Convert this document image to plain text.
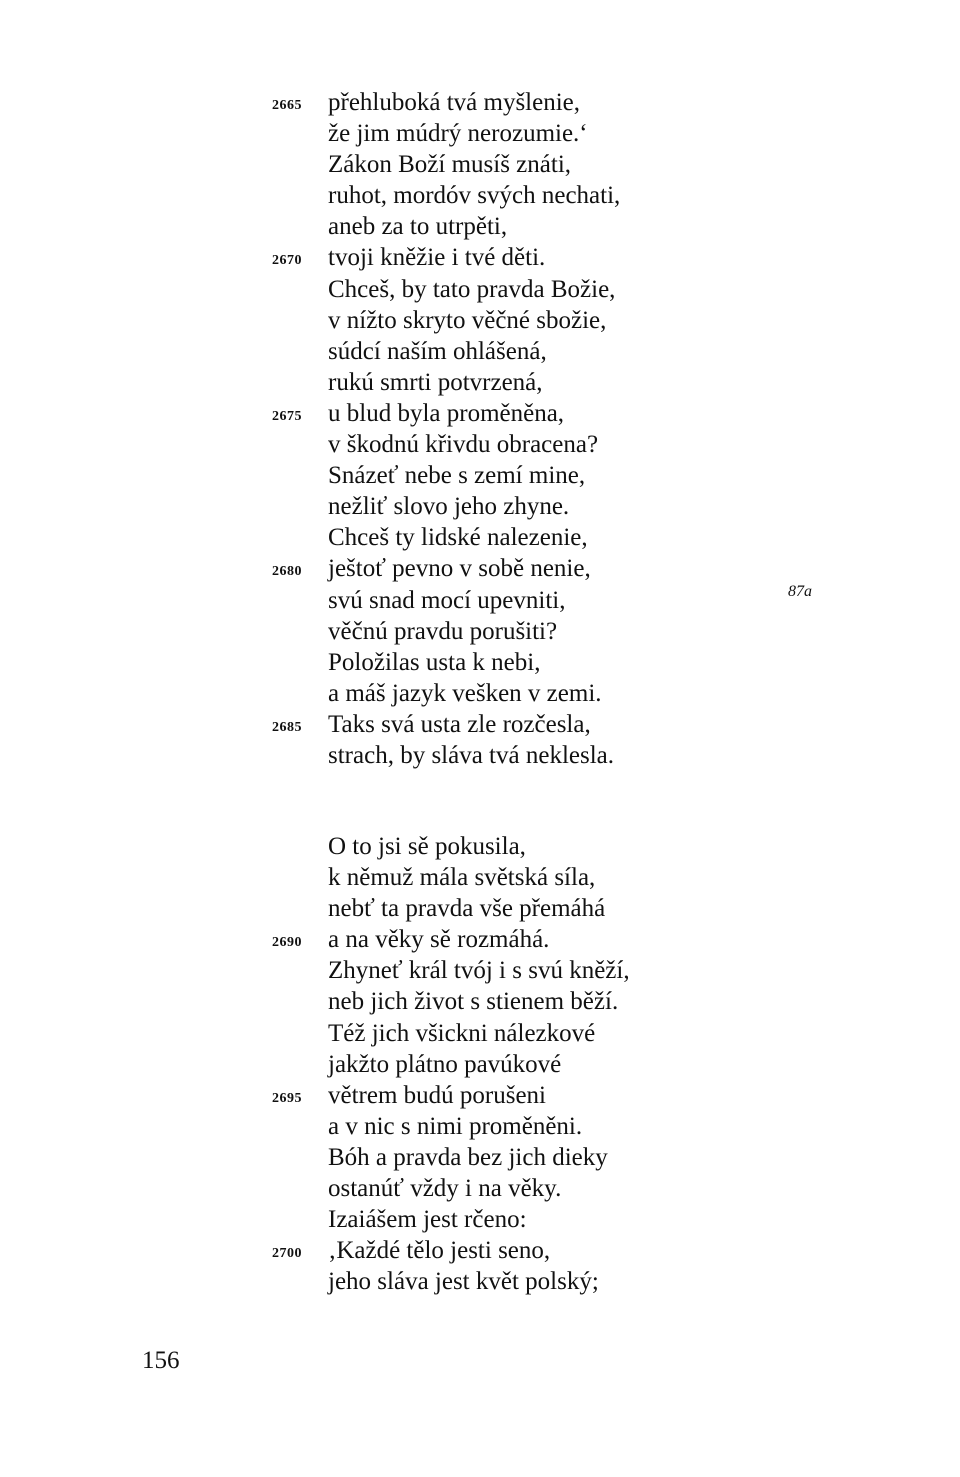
2665	přehluboká tvá myšlenie,
že jim múdrý nerozumie.‘
Zákon Boží musíš znáti,
ruhot, mordóv svých nechati,
aneb za to utrpěti,
2670	tvoji kněžie i tvé děti.
Chceš, by tato pravda Božie,
v nížto skryto věčné sbožie,
súdcí naším ohlášená,
rukú smrti potvrzená,
2675	u blud byla proměněna,
v škodnú křivdu obracena?
Snázeť nebe s zemí mine,
nežliť slovo jeho zhyne.
Chceš ty lidské nalezenie,
2680	ještoť pevno v sobě nenie,
svú snad mocí upevniti,
věčnú pravdu porušiti?
Položilas usta k nebi,
a máš jazyk vešken v zemi.
2685	Taks svá usta zle rozčesla,
strach, by sláva tvá neklesla.
O to jsi sě pokusila,
k němuž mála světská síla,
nebť ta pravda vše přemáhá
2690	a na věky sě rozmáhá.
Zhyneť král tvój i s svú kněží,
neb jich život s stienem běží.
Též jich všickni nálezkové
jakžto plátno pavúkové
2695	větrem budú porušeni
a v nic s nimi proměněni.
Bóh a pravda bez jich dieky
ostanúť vždy i na věky.
Izaiášem jest rčeno:
2700	‚Každé tělo jesti seno,
jeho sláva jest květ polský;
87a
156
